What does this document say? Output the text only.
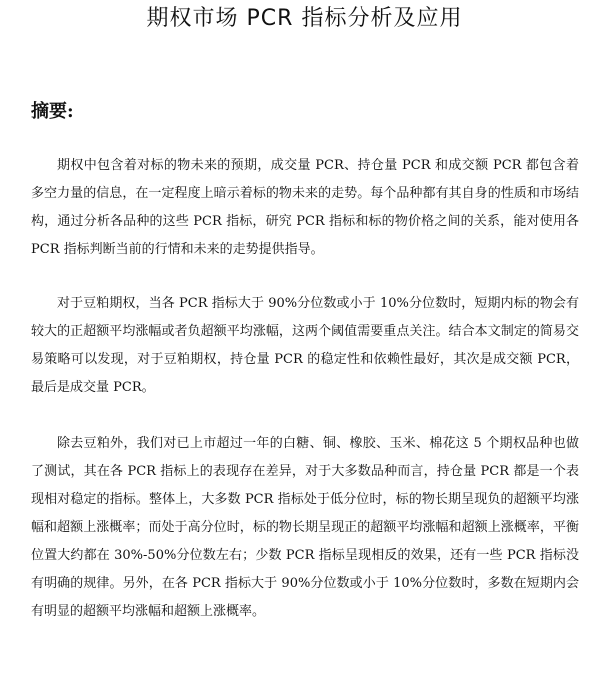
期权市场 PCR 指标分析及应用
摘要:

期权中包含着对标的物未来的预期，成交量 PCR、持仓量 PCR 和成交额 PCR 都包含着多空力量的信息，在一定程度上暗示着标的物未来的走势。每个品种都有其自身的性质和市场结构，通过分析各品种的这些 PCR 指标，研究 PCR 指标和标的物价格之间的关系，能对使用各 PCR 指标判断当前的行情和未来的走势提供指导。

对于豆粕期权，当各 PCR 指标大于 90%分位数或小于 10%分位数时，短期内标的物会有较大的正超额平均涨幅或者负超额平均涨幅，这两个阈值需要重点关注。结合本文制定的简易交易策略可以发现，对于豆粕期权，持仓量 PCR 的稳定性和依赖性最好，其次是成交额 PCR，最后是成交量 PCR。

除去豆粕外，我们对已上市超过一年的白糖、铜、橡胶、玉米、棉花这 5 个期权品种也做了测试，其在各 PCR 指标上的表现存在差异，对于大多数品种而言，持仓量 PCR 都是一个表现相对稳定的指标。整体上，大多数 PCR 指标处于低分位时，标的物长期呈现负的超额平均涨幅和超额上涨概率；而处于高分位时，标的物长期呈现正的超额平均涨幅和超额上涨概率，平衡位置大约都在 30%-50%分位数左右；少数 PCR 指标呈现相反的效果，还有一些 PCR 指标没有明确的规律。另外，在各 PCR 指标大于 90%分位数或小于 10%分位数时，多数在短期内会有明显的超额平均涨幅和超额上涨概率。
